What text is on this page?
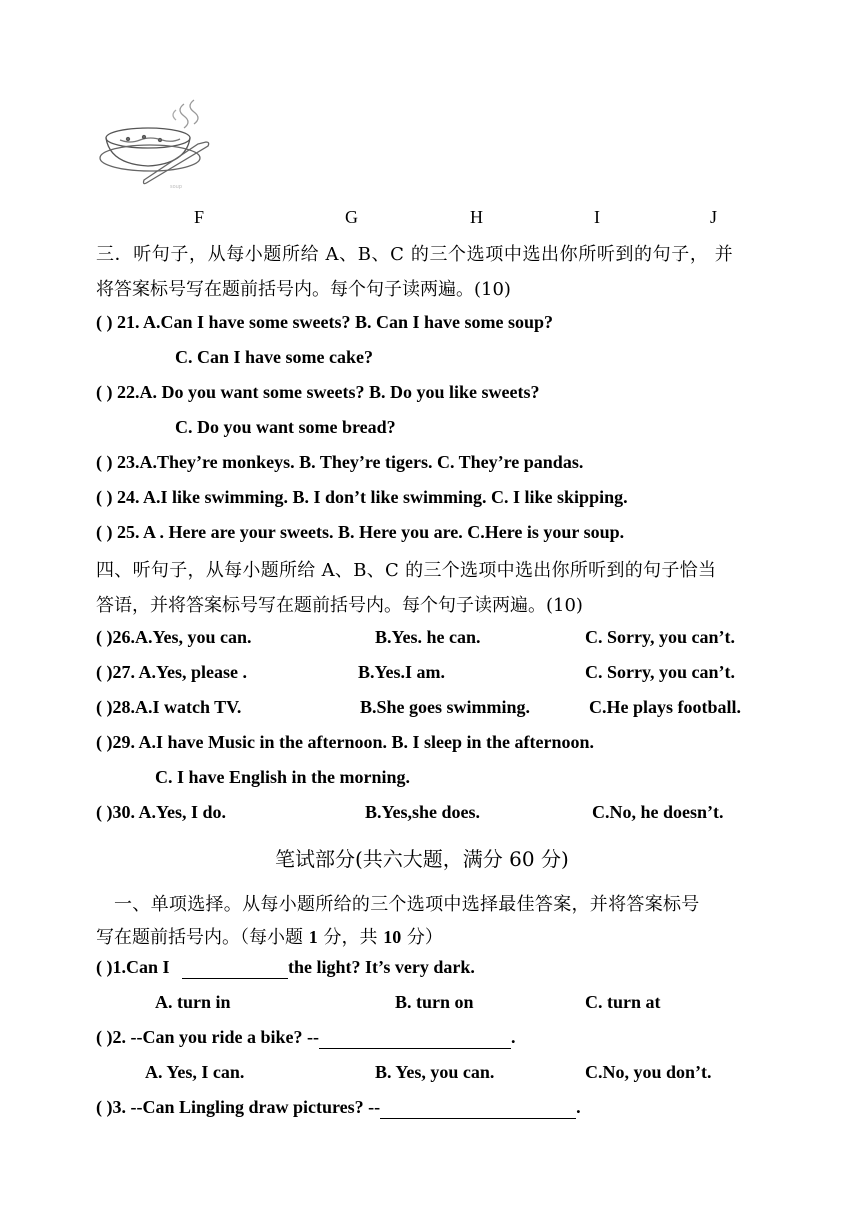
soup
F	G	H	I	J
三．听句子，从每小题所给 A、B、C 的三个选项中选出你所听到的句子， 并
将答案标号写在题前括号内。每个句子读两遍。(10)
( ) 21. A.Can I have some sweets? B. Can I have some soup?
C. Can I have some cake?
( ) 22.A. Do you want some sweets? B. Do you like sweets?
C. Do you want some bread?
( ) 23.A.They’re monkeys. B. They’re tigers. C. They’re pandas.
( ) 24. A.I like swimming. B. I don’t like swimming. C. I like skipping.
( ) 25. A . Here are your sweets. B. Here you are. C.Here is your soup.
四、听句子，从每小题所给 A、B、C 的三个选项中选出你所听到的句子恰当
答语，并将答案标号写在题前括号内。每个句子读两遍。(10)
( )26.A.Yes, you can.	B.Yes. he can.	C. Sorry, you can’t.
( )27. A.Yes, please .	B.Yes.I am.	C. Sorry, you can’t.
( )28.A.I watch TV.	B.She goes swimming.	C.He plays football.
( )29. A.I have Music in the afternoon. B. I sleep in the afternoon.
C. I have English in the morning.
( )30. A.Yes, I do.	B.Yes,she does.	C.No, he doesn’t.
笔试部分(共六大题，满分 60 分)
一、单项选择。从每小题所给的三个选项中选择最佳答案，并将答案标号
写在题前括号内。（每小题 1 分，共 10 分）
( )1.Can I	the light? It’s very dark.
A. turn in	B. turn on	C. turn at
( )2. --Can you ride a bike? --	.
A. Yes, I can.	B. Yes, you can.	C.No, you don’t.
( )3. --Can Lingling draw pictures? --	.
